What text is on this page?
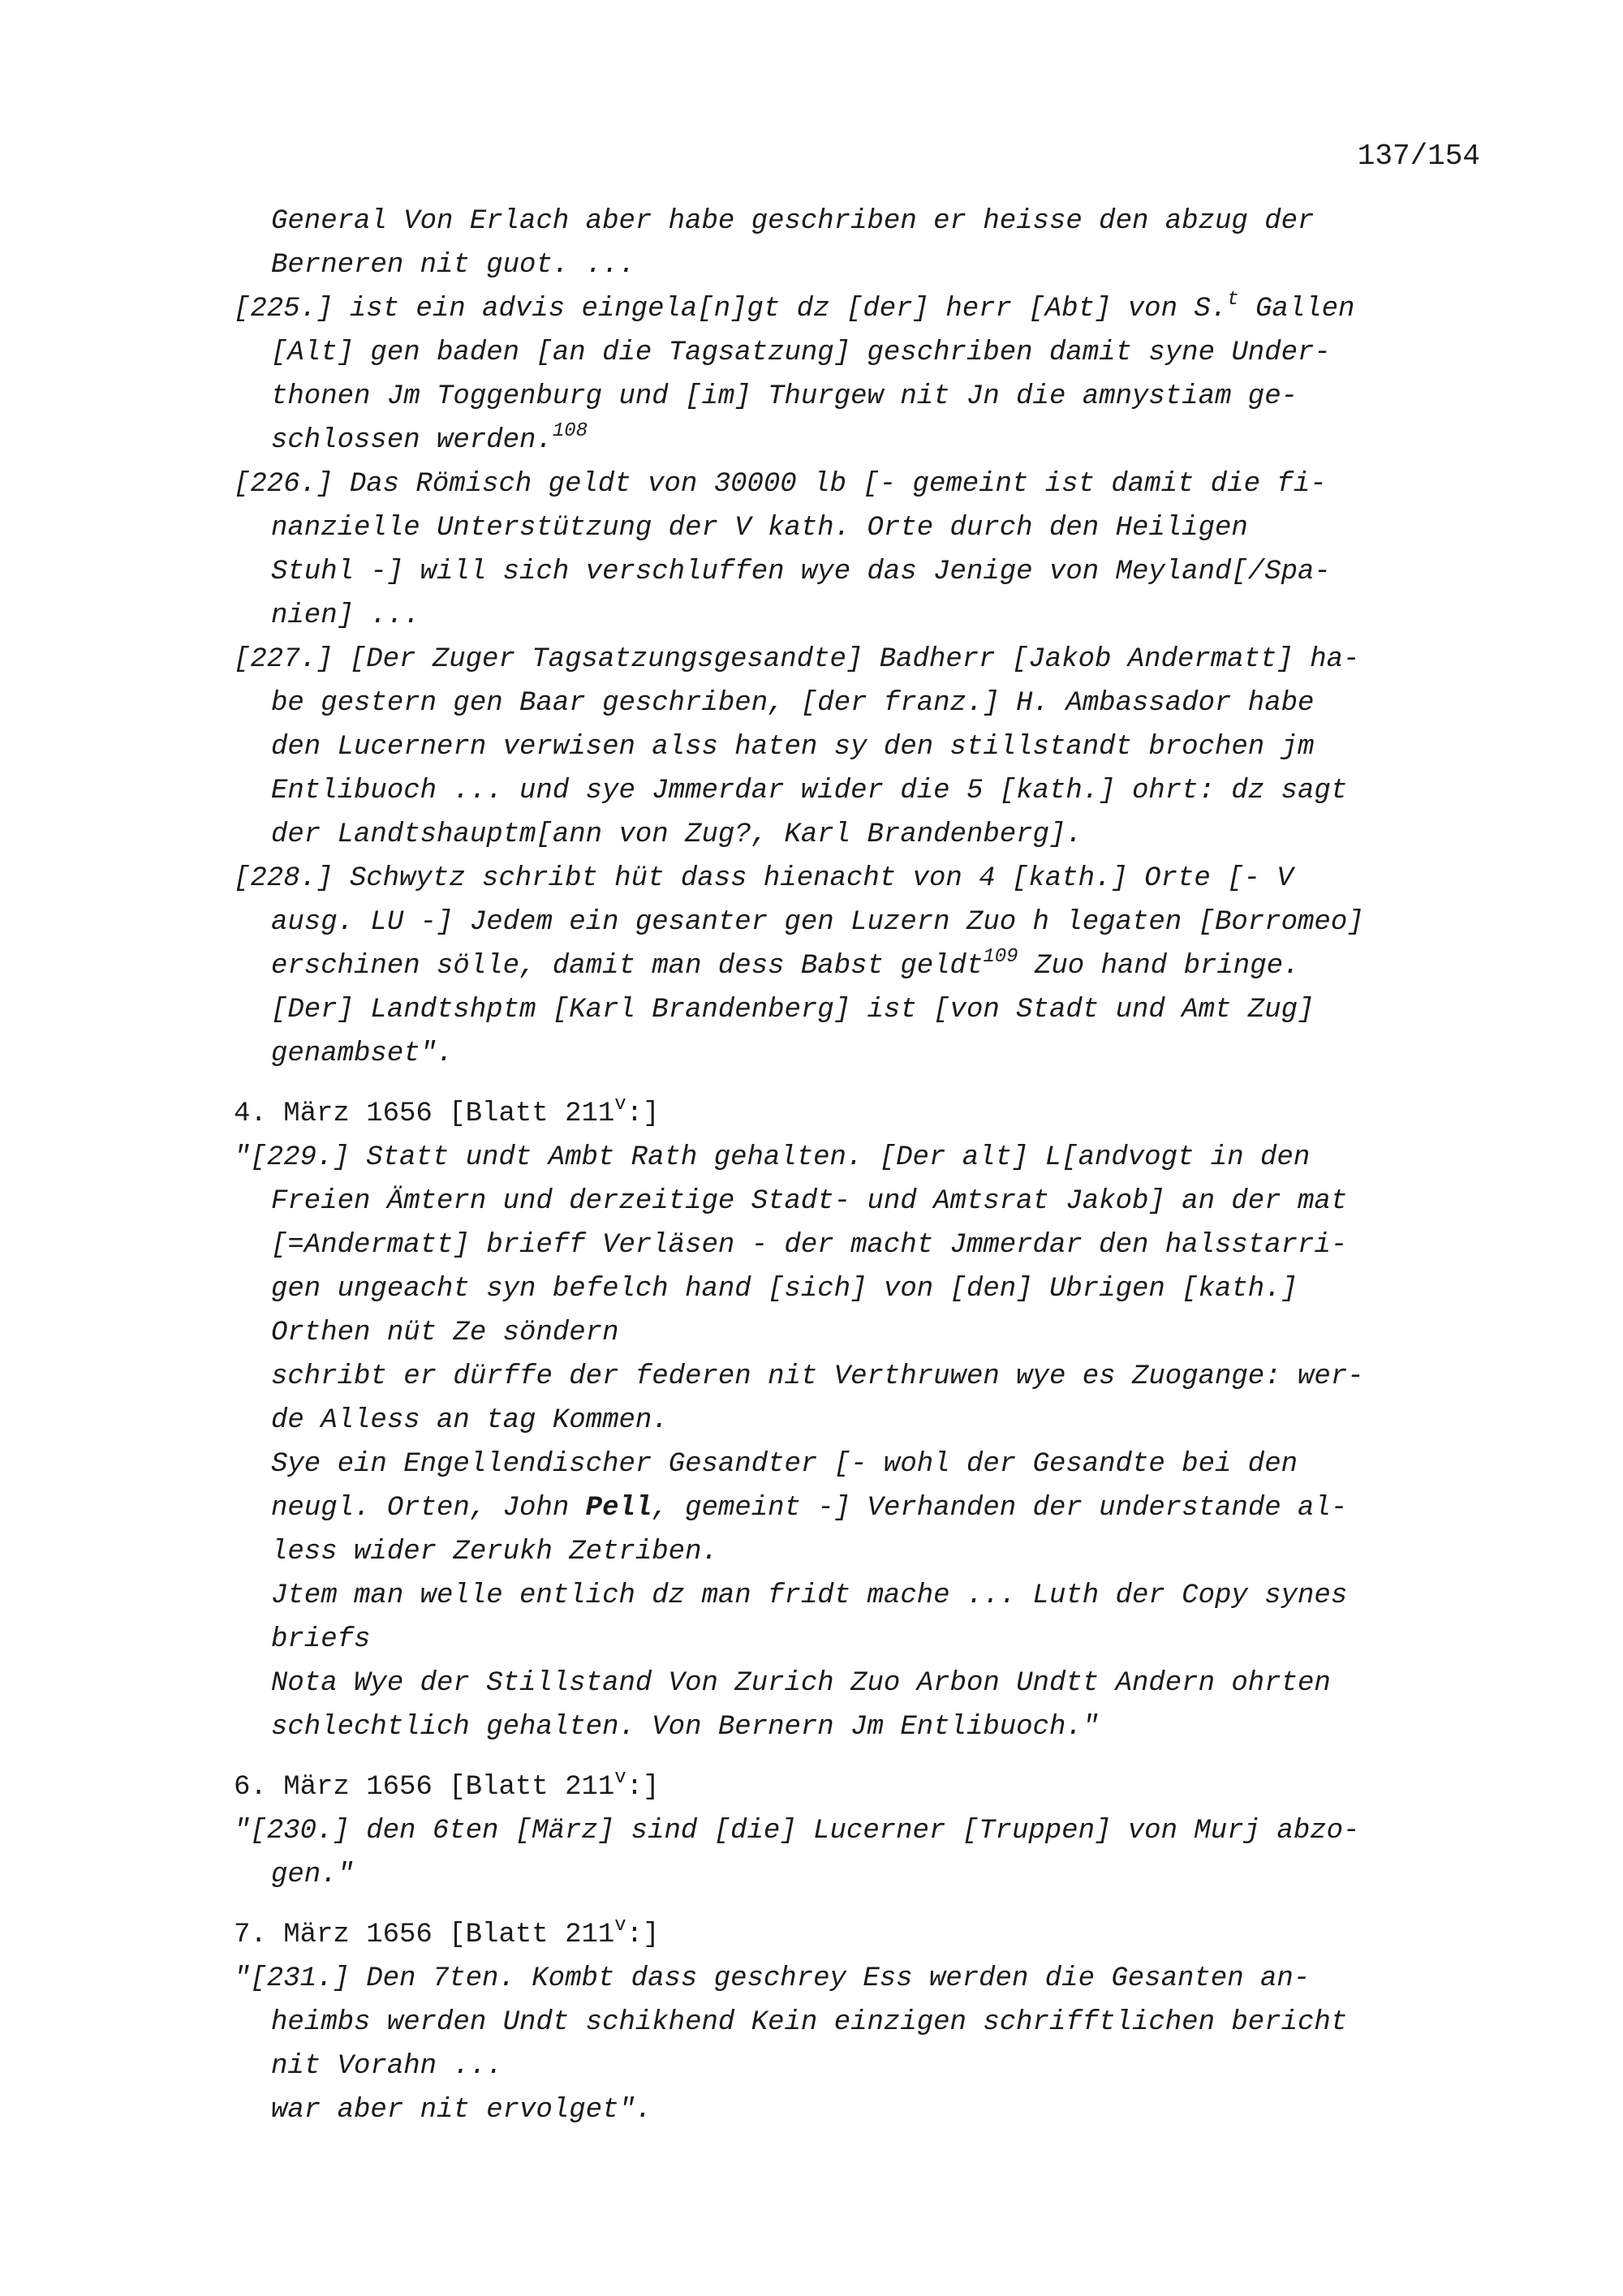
137/154
General Von Erlach aber habe geschriben er heisse den abzug der
Berneren nit guot. ...
[225.] ist ein advis eingela[n]gt dz [der] herr [Abt] von S.$^t$ Gallen
[Alt] gen baden [an die Tagsatzung] geschriben damit syne Under-
thonen Jm Toggenburg und [im] Thurgew nit Jn die amnystiam ge-
schlossen werden.$^{108}$
[226.] Das Römisch geldt von 30000 lb [- gemeint ist damit die fi-
nanzielle Unterstützung der V kath. Orte durch den Heiligen
Stuhl -] will sich verschluffen wye das Jenige von Meyland[/Spa-
nien] ...
[227.] [Der Zuger Tagsatzungsgesandte] Badherr [Jakob Andermatt] ha-
be gestern gen Baar geschriben, [der franz.] H. Ambassador habe
den Lucernern verwisen alss haten sy den stillstandt brochen jm
Entlibuoch ... und sye Jmmerdar wider die 5 [kath.] ohrt: dz sagt
der Landtshauptm[ann von Zug?, Karl Brandenberg].
[228.] Schwytz schribt hüt dass hienacht von 4 [kath.] Orte [- V
ausg. LU -] Jedem ein gesanter gen Luzern Zuo h legaten [Borromeo]
erschinen sölle, damit man dess Babst geldt$^{109}$ Zuo hand bringe.
[Der] Landtshptm [Karl Brandenberg] ist [von Stadt und Amt Zug]
genambset".
4. März 1656 [Blatt 211$^v$:]
"[229.] Statt undt Ambt Rath gehalten. [Der alt] L[andvogt in den
Freien Ämtern und derzeitige Stadt- und Amtsrat Jakob] an der mat
[=Andermatt] brieff Verläsen - der macht Jmmerdar den halsstarri-
gen ungeacht syn befelch hand [sich] von [den] Ubrigen [kath.]
Orthen nüt Ze söndern
schribt er dürffe der federen nit Verthruwen wye es Zuogange: wer-
de Alless an tag Kommen.
Sye ein Engellendischer Gesandter [- wohl der Gesandte bei den
neugl. Orten, John Pell, gemeint -] Verhanden der understande al-
less wider Zerukh Zetriben.
Jtem man welle entlich dz man fridt mache ... Luth der Copy synes
briefs
Nota Wye der Stillstand Von Zurich Zuo Arbon Undtt Andern ohrten
schlechtlich gehalten. Von Bernern Jm Entlibuoch."
6. März 1656 [Blatt 211$^v$:]
"[230.] den 6ten [März] sind [die] Lucerner [Truppen] von Murj abzo-
gen."
7. März 1656 [Blatt 211$^v$:]
"[231.] Den 7ten. Kombt dass geschrey Ess werden die Gesanten an-
heimbs werden Undt schikhend Kein einzigen schrifftlichen bericht
nit Vorahn ...
war aber nit ervolget".
